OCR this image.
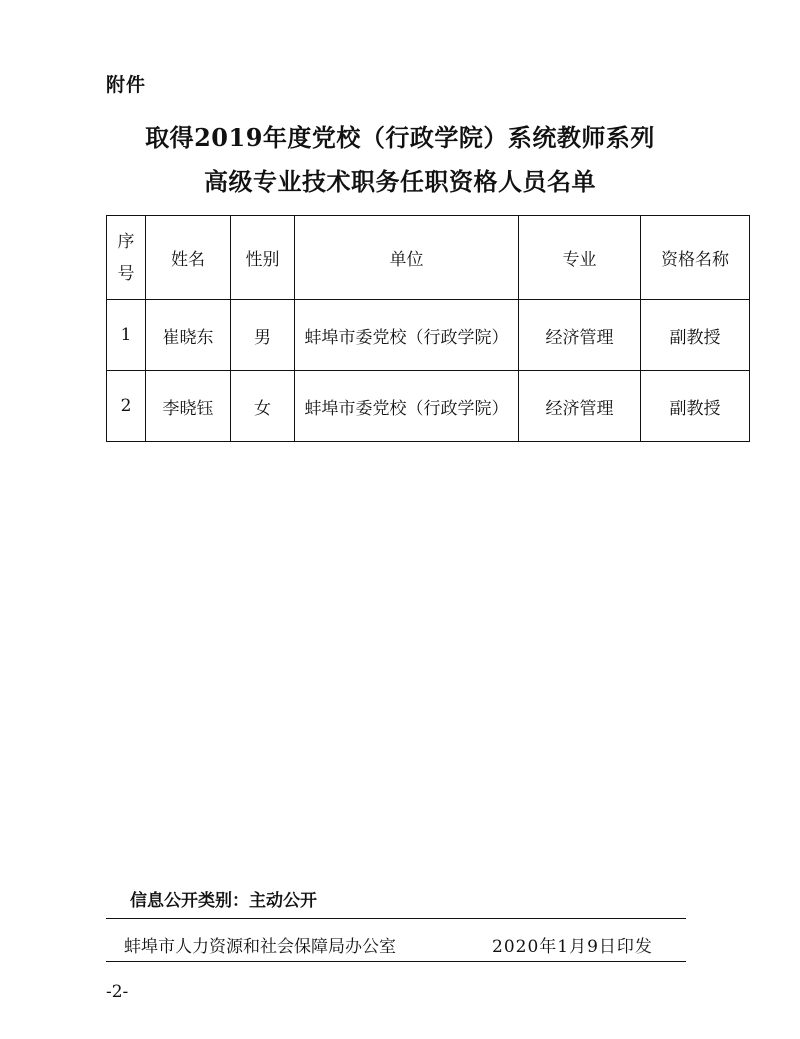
附件
取得2019年度党校（行政学院）系统教师系列
高级专业技术职务任职资格人员名单
序号	姓名	性别	单位	专业	资格名称
1	崔晓东	男	蚌埠市委党校（行政学院）	经济管理	副教授
2	李晓钰	女	蚌埠市委党校（行政学院）	经济管理	副教授
信息公开类别：主动公开
蚌埠市人力资源和社会保障局办公室	2020年1月9日印发
-2-
